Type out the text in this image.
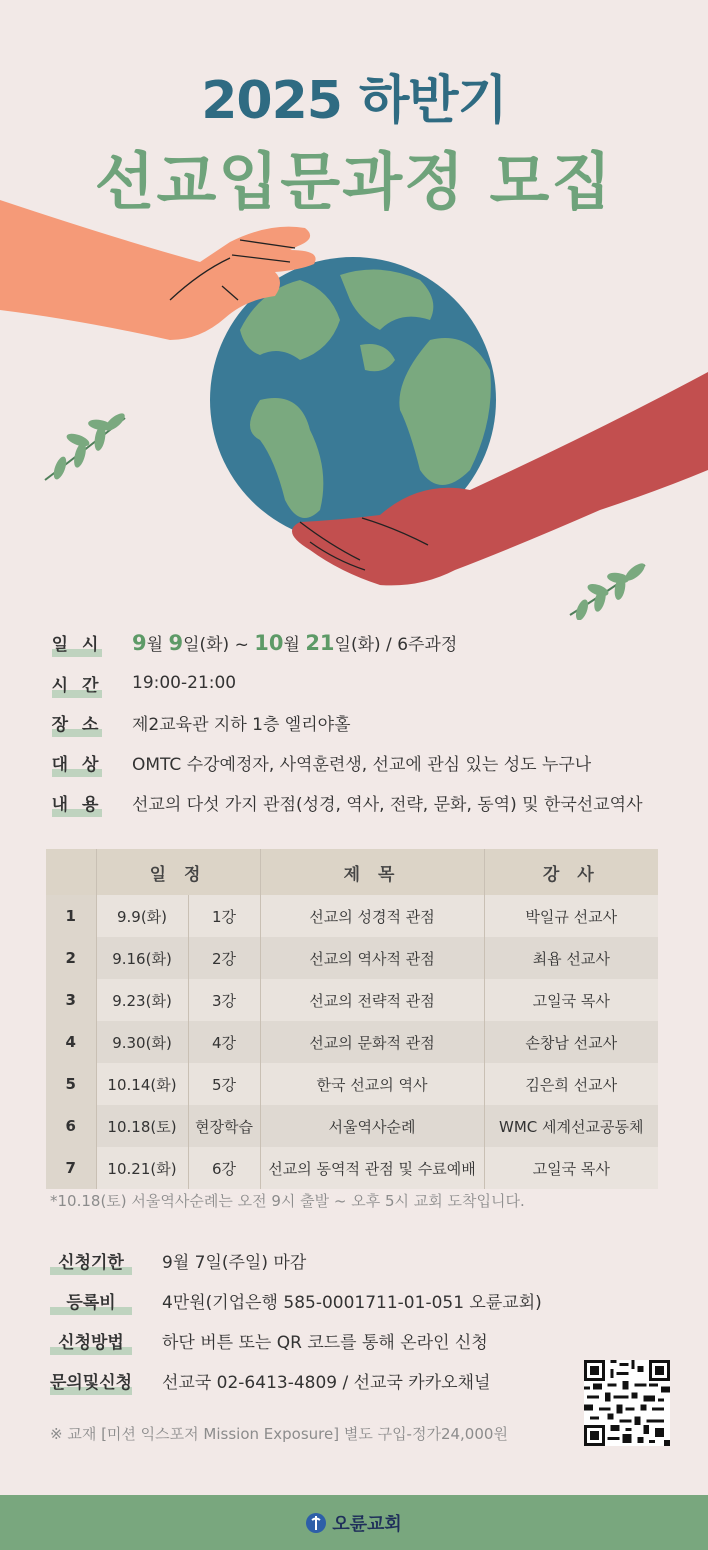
2025 하반기
선교입문과정 모집
일 시 9월 9일(화) ~ 10월 21일(화) / 6주과정
시 간 19:00-21:00
장 소 제2교육관 지하 1층 엘리야홀
대 상 OMTC 수강예정자, 사역훈련생, 선교에 관심 있는 성도 누구나
내 용 선교의 다섯 가지 관점(성경, 역사, 전략, 문화, 동역) 및 한국선교역사
	일 정		제 목	강 사
1	9.9(화)	1강	선교의 성경적 관점	박일규 선교사
2	9.16(화)	2강	선교의 역사적 관점	최욥 선교사
3	9.23(화)	3강	선교의 전략적 관점	고일국 목사
4	9.30(화)	4강	선교의 문화적 관점	손창남 선교사
5	10.14(화)	5강	한국 선교의 역사	김은희 선교사
6	10.18(토)	현장학습	서울역사순례	WMC 세계선교공동체
7	10.21(화)	6강	선교의 동역적 관점 및 수료예배	고일국 목사
*10.18(토) 서울역사순례는 오전 9시 출발 ~ 오후 5시 교회 도착입니다.
신청기한	9월 7일(주일) 마감
등록비	4만원(기업은행 585-0001711-01-051 오륜교회)
신청방법	하단 버튼 또는 QR 코드를 통해 온라인 신청
문의및신청 선교국 02-6413-4809 / 선교국 카카오채널
※ 교재 [미션 익스포저 Mission Exposure] 별도 구입-정가24,000원
오륜교회
